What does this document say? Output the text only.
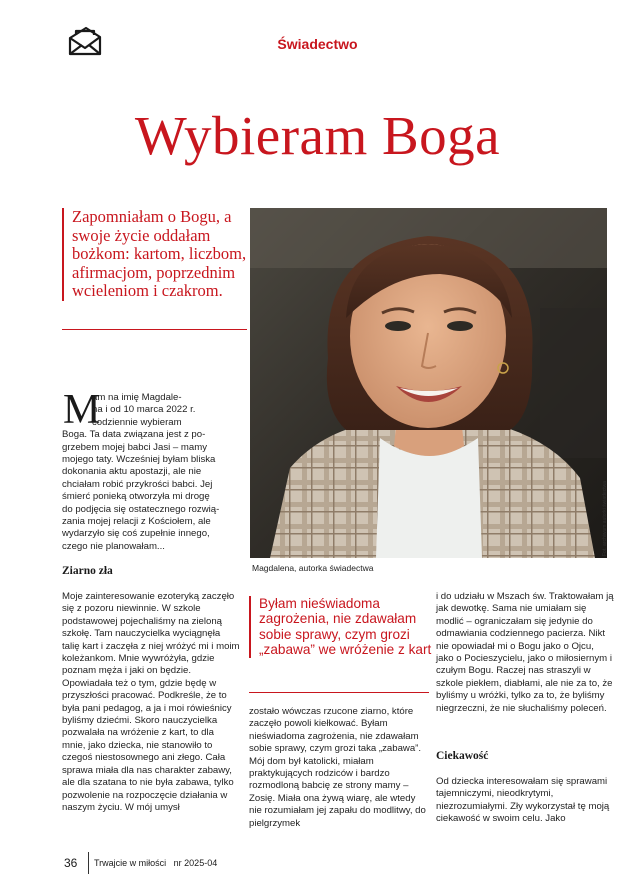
Świadectwo
Wybieram Boga
Zapomniałam o Bogu, a swoje życie oddałam bożkom: kartom, liczbom, afirmacjom, poprzednim wcieleniom i czakrom.
Fot. archiwum autorki świadectwa
Magdalena, autorka świadectwa
M
am na imię Magdale-
na i od 10 marca 2022 r.
codziennie wybieram
Boga. Ta data związana jest z po-
grzebem mojej babci Jasi – mamy
mojego taty. Wcześniej byłam bliska
dokonania aktu apostazji, ale nie
chciałam robić przykrości babci. Jej
śmierć ponieką otworzyła mi drogę
do podjęcia się ostatecznego rozwią-
zania mojej relacji z Kościołem, ale
wydarzyło się coś zupełnie innego,
czego nie planowałam...
Ziarno zła
Moje zainteresowanie ezoteryką zaczęło się z pozoru niewinnie. W szkole podstawowej pojechaliśmy na zieloną szkołę. Tam nauczycielka wyciągnęła talię kart i zaczęła z niej wróżyć mi i moim koleżankom. Mnie wywróżyła, gdzie poznam męża i jaki on będzie. Opowiadała też o tym, gdzie będę w przyszłości pracować. Podkreśle, że to była pani pedagog, a ja i moi rówieśnicy byliśmy dziećmi. Skoro nauczycielka pozwalała na wróżenie z kart, to dla mnie, jako dziecka, nie stanowiło to czegoś niestosownego ani złego. Cała sprawa miała dla nas charakter zabawy, ale dla szatana to nie była zabawa, tylko pozwolenie na rozpoczęcie działania w naszym życiu. W mój umysł
Byłam nieświadoma zagrożenia, nie zdawałam sobie sprawy, czym grozi „zabawa” we wróżenie z kart
zostało wówczas rzucone ziarno, które zaczęło powoli kiełkować. Byłam nieświadoma zagrożenia, nie zdawałam sobie sprawy, czym grozi taka „zabawa”. Mój dom był katolicki, miałam praktykujących rodziców i bardzo rozmodloną babcię ze strony mamy – Zosię. Miała ona żywą wiarę, ale wtedy nie rozumiałam jej zapału do modlitwy, do pielgrzymek
i do udziału w Mszach św. Traktowałam ją jak dewotkę. Sama nie umiałam się modlić – ograniczałam się jedynie do odmawiania codziennego pacierza. Nikt nie opowiadał mi o Bogu jako o Ojcu, jako o Pocieszycielu, jako o miłosiernym i czułym Bogu. Raczej nas straszyli w szkole piekłem, diabłami, ale nie za to, że byliśmy u wróżki, tylko za to, że byliśmy niegrzeczni, że nie słuchaliśmy poleceń.
Ciekawość
Od dziecka interesowałam się sprawami tajemniczymi, nieodkrytymi, niezrozumiałymi. Zły wykorzystał tę moją ciekawość w swoim celu. Jako
36 Trwajcie w miłości   nr 2025-04
